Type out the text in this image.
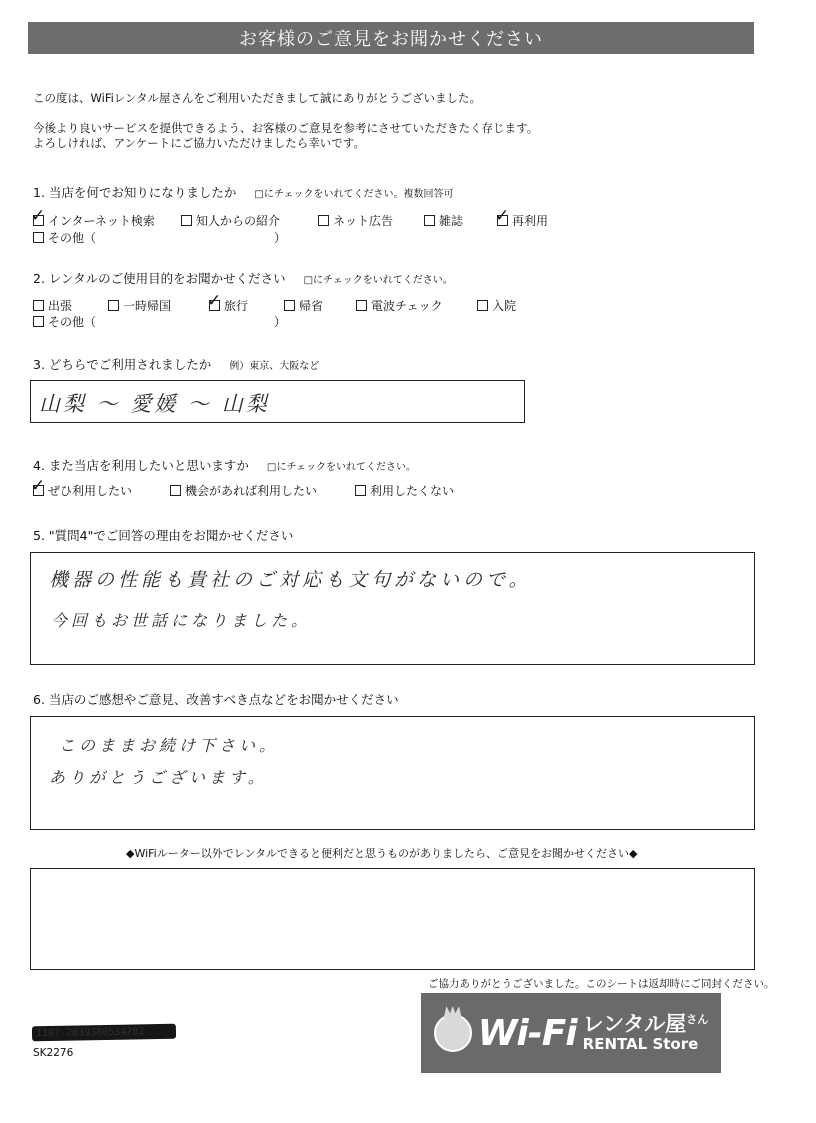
お客様のご意見をお聞かせください
この度は、WiFiレンタル屋さんをご利用いただきまして誠にありがとうございました。
今後より良いサービスを提供できるよう、お客様のご意見を参考にさせていただきたく存じます。
よろしければ、アンケートにご協力いただけましたら幸いです。
1. 当店を何でお知りになりましたか □にチェックをいれてください。複数回答可
✓ インターネット検索	知人からの紹介	ネット広告	雑誌 ✓ 再利用
その他（	）
2. レンタルのご使用目的をお聞かせください □にチェックをいれてください。
出張	一時帰国 ✓ 旅行	帰省	電波チェック	入院
その他（	）
3. どちらでご利用されましたか 例）東京、大阪など
山梨 ～ 愛媛 ～ 山梨
4. また当店を利用したいと思いますか □にチェックをいれてください。
✓ ぜひ利用したい	機会があれば利用したい	利用したくない
5. "質問4"でご回答の理由をお聞かせください
機器の性能も貴社のご対応も文句がないので。
今回もお世話になりました。
6. 当店のご感想やご意見、改善すべき点などをお聞かせください
このままお続け下さい。
ありがとうございます。
◆WiFiルーター以外でレンタルできると便利だと思うものがありましたら、ご意見をお聞かせください◆
ご協力ありがとうございました。このシートは返却時にご同封ください。
1107-2039380534282
SK2276	Wi-Fi レンタル屋$^{さん}$
RENTAL Store
